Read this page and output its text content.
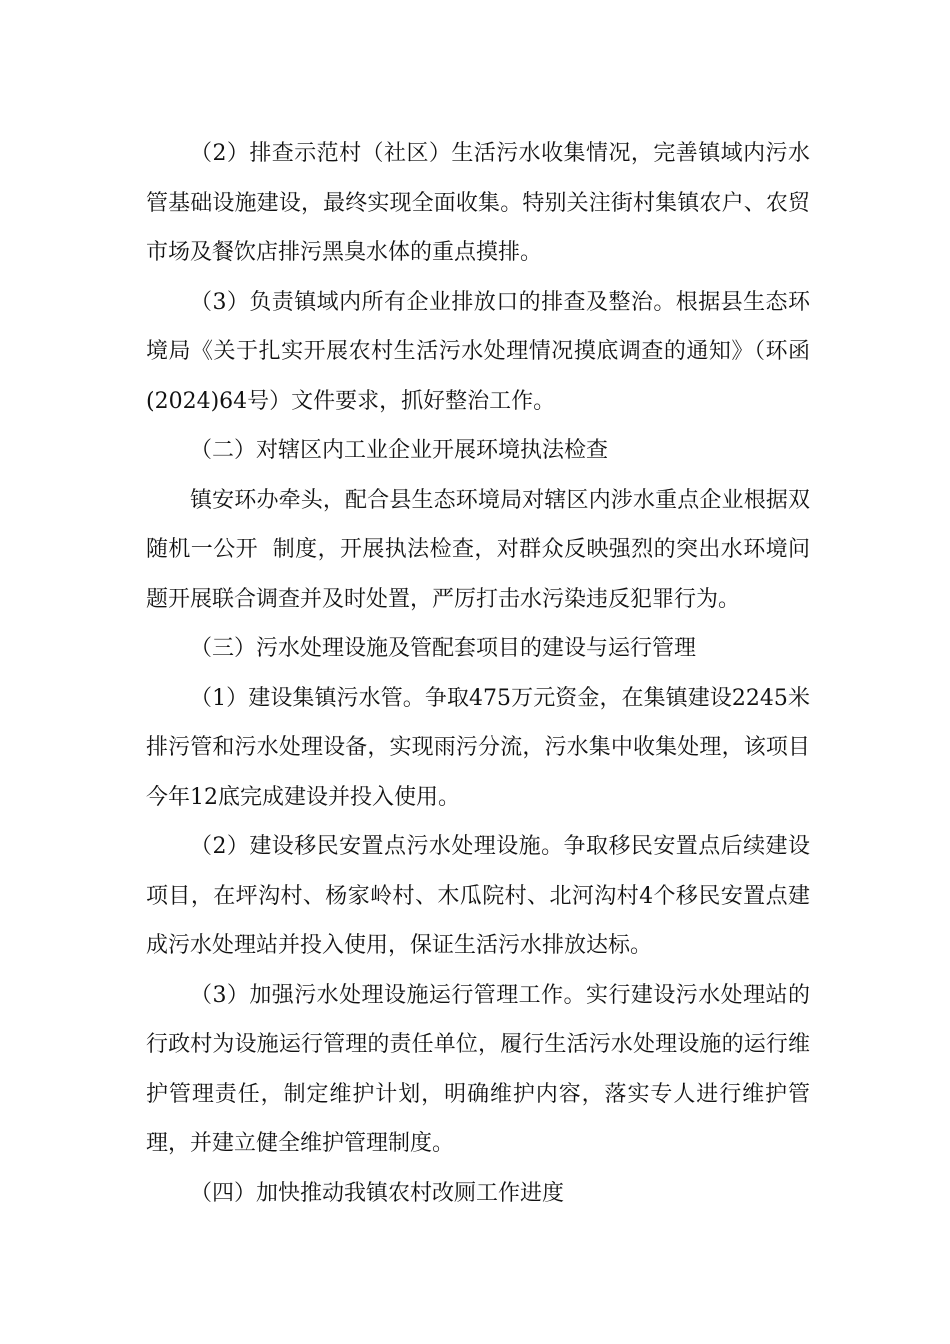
（2）排查示范村（社区）生活污水收集情况，完善镇域内污水管基础设施建设，最终实现全面收集。特别关注街村集镇农户、农贸市场及餐饮店排污黑臭水体的重点摸排。

（3）负责镇域内所有企业排放口的排查及整治。根据县生态环境局《关于扎实开展农村生活污水处理情况摸底调查的通知》（环函(2024)64号）文件要求，抓好整治工作。

（二）对辖区内工业企业开展环境执法检查

镇安环办牵头，配合县生态环境局对辖区内涉水重点企业根据双随机一公开  制度，开展执法检查，对群众反映强烈的突出水环境问题开展联合调查并及时处置，严厉打击水污染违反犯罪行为。

（三）污水处理设施及管配套项目的建设与运行管理

（1）建设集镇污水管。争取475万元资金，在集镇建设2245米排污管和污水处理设备，实现雨污分流，污水集中收集处理，该项目今年12底完成建设并投入使用。

（2）建设移民安置点污水处理设施。争取移民安置点后续建设项目，在坪沟村、杨家岭村、木瓜院村、北河沟村4个移民安置点建成污水处理站并投入使用，保证生活污水排放达标。

（3）加强污水处理设施运行管理工作。实行建设污水处理站的行政村为设施运行管理的责任单位，履行生活污水处理设施的运行维护管理责任，制定维护计划，明确维护内容，落实专人进行维护管理，并建立健全维护管理制度。

（四）加快推动我镇农村改厕工作进度
